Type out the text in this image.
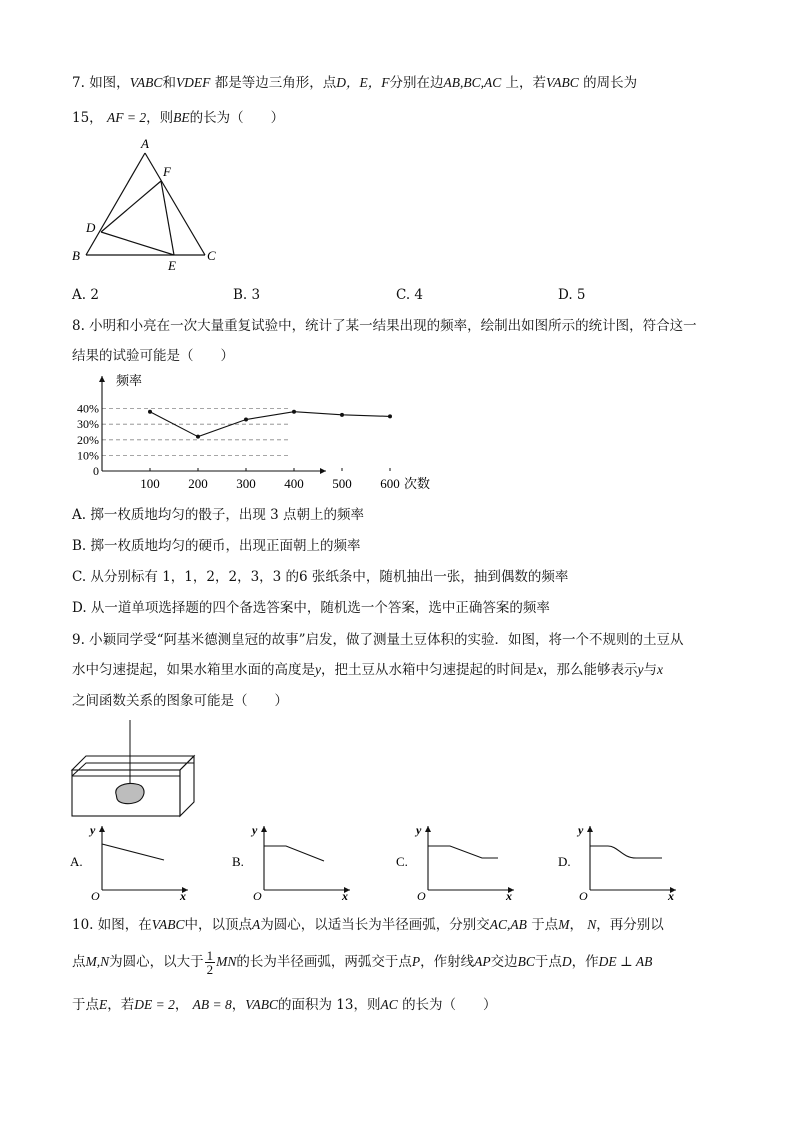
7. 如图，VABC和VDEF 都是等边三角形，点D，E，F分别在边AB,BC,AC 上，若VABC 的周长为
15， AF = 2，则BE的长为（　　）
A
F
D
B
E
C
A. 2	B. 3	C. 4	D. 5
8. 小明和小亮在一次大量重复试验中，统计了某一结果出现的频率，绘制出如图所示的统计图，符合这一
结果的试验可能是（　　）
0
10%
20%
30%
40%
100 200 300 400 500 600
频率
次数
A. 掷一枚质地均匀的骰子，出现 3 点朝上的频率
B. 掷一枚质地均匀的硬币，出现正面朝上的频率
C. 从分别标有 1，1，2，2，3，3 的6 张纸条中，随机抽出一张，抽到偶数的频率
D. 从一道单项选择题的四个备选答案中，随机选一个答案，选中正确答案的频率
9. 小颖同学受“阿基米德测皇冠的故事”启发，做了测量土豆体积的实验．如图，将一个不规则的土豆从
水中匀速提起，如果水箱里水面的高度是y，把土豆从水箱中匀速提起的时间是x，那么能够表示y与x
之间函数关系的图象可能是（　　）
A.
y
O	x
B.
y
O	x
C.
y
O	x
D.
y
O	x
10. 如图，在VABC中，以顶点A为圆心，以适当长为半径画弧，分别交AC,AB 于点M， N，再分别以
点M,N为圆心，以大于 $\frac{1}{2}$ MN的长为半径画弧，两弧交于点P，作射线AP交边BC于点D，作DE ⊥ AB
于点E，若DE = 2， AB = 8，VABC的面积为 13，则AC 的长为（　　）
